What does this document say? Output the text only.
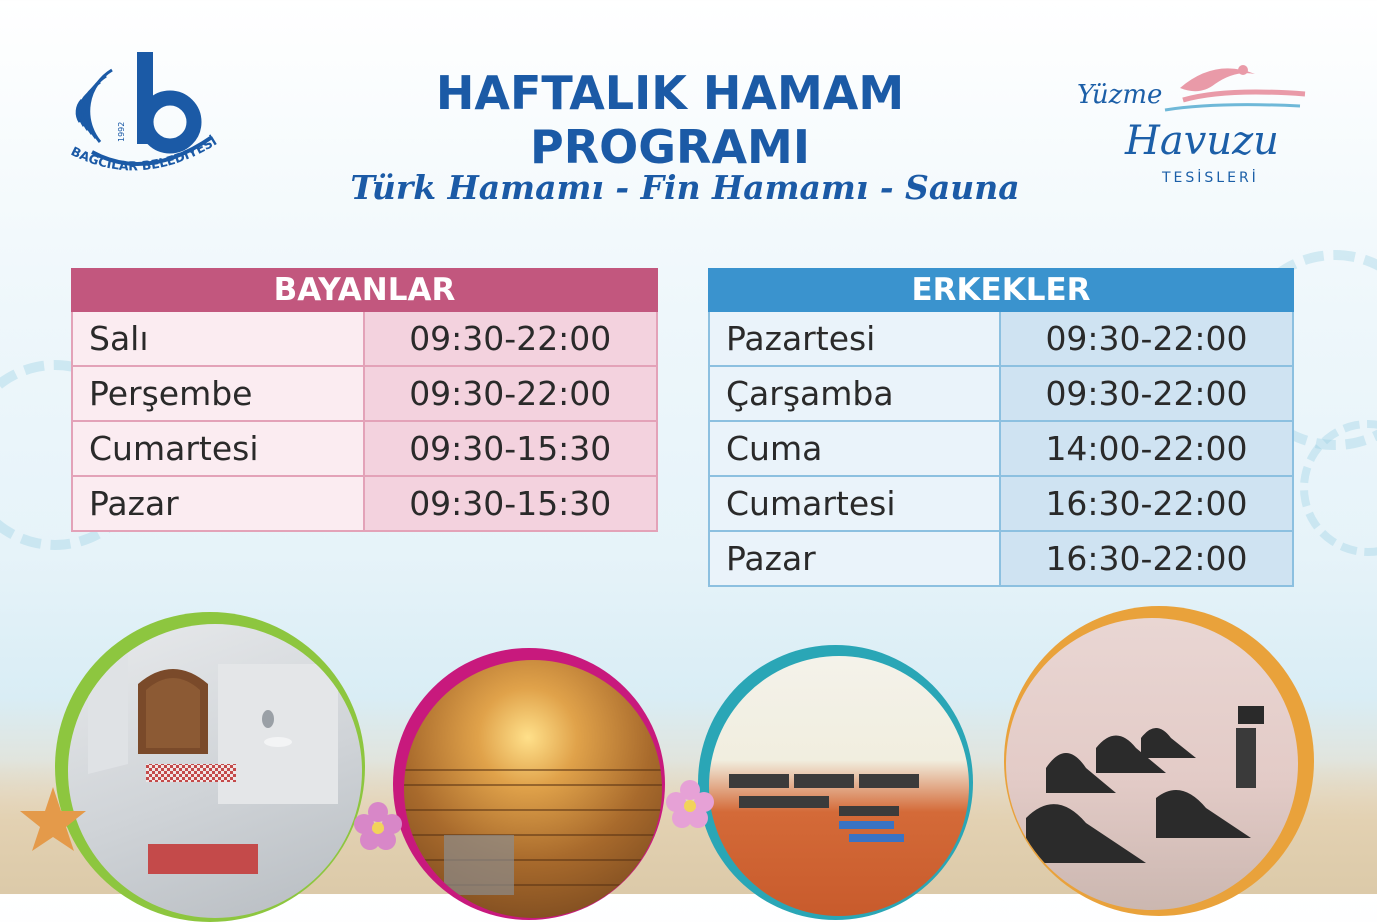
1992
BAĞCILAR BELEDİYESİ
Yüzme
Havuzu
TESİSLERİ
HAFTALIK HAMAM PROGRAMI
Türk Hamamı - Fin Hamamı - Sauna
BAYANLAR
Salı	09:30-22:00
Perşembe	09:30-22:00
Cumartesi	09:30-15:30
Pazar	09:30-15:30
ERKEKLER
Pazartesi	09:30-22:00
Çarşamba	09:30-22:00
Cuma	14:00-22:00
Cumartesi	16:30-22:00
Pazar	16:30-22:00
